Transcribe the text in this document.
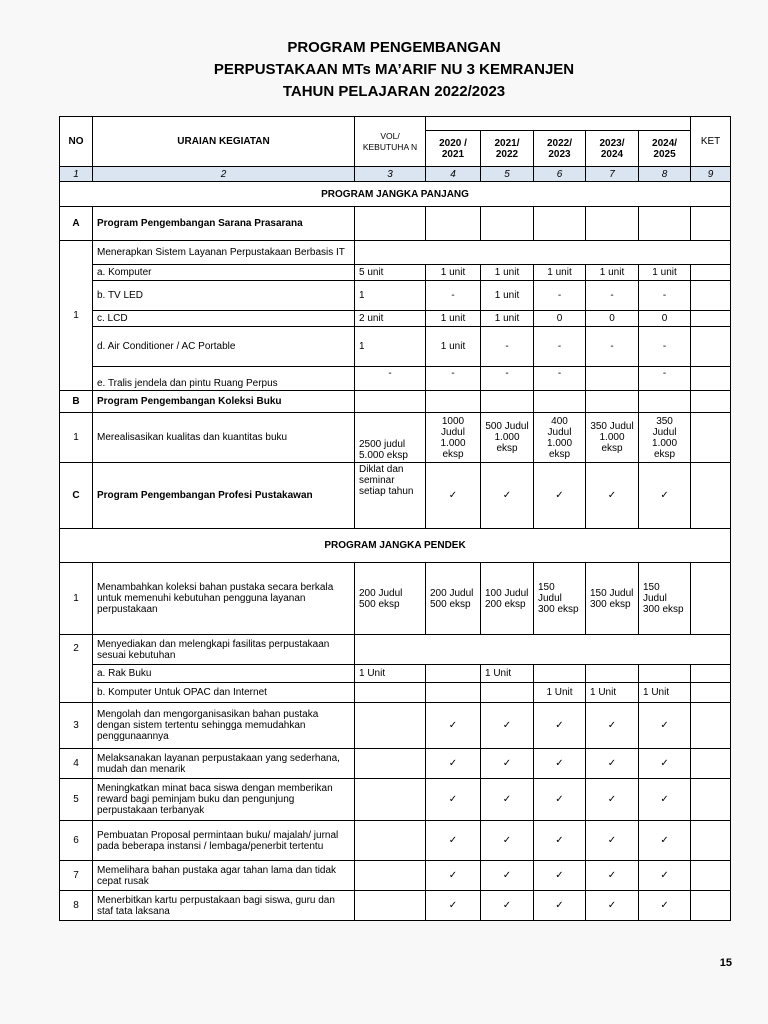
PROGRAM PENGEMBANGAN
PERPUSTAKAAN MTs MA’ARIF NU 3 KEMRANJEN
TAHUN PELAJARAN 2022/2023
NO	URAIAN KEGIATAN	VOL/ KEBUTUHA N						KET
			2020 / 2021	2021/ 2022	2022/ 2023	2023/ 2024	2024/ 2025	
1	2	3	4	5	6	7	8	9
PROGRAM JANGKA PANJANG								
A	Program Pengembangan Sarana Prasarana							
1	Menerapkan Sistem Layanan Perpustakaan Berbasis IT							
	a. Komputer	5 unit	1 unit	1 unit	1 unit	1 unit	1 unit	
	b. TV LED	1	-	1 unit	-	-	-	
	c. LCD	2 unit	1 unit	1 unit	0	0	0	
	d. Air Conditioner / AC Portable	1	1 unit	-	-	-	-	
	e. Tralis jendela dan pintu Ruang Perpus	-	-	-	-		-	
B	Program Pengembangan Koleksi Buku							
1	Merealisasikan kualitas dan kuantitas buku	2500 judul 5.000 eksp	1000 Judul 1.000 eksp	500 Judul 1.000 eksp	400 Judul 1.000 eksp	350 Judul 1.000 eksp	350 Judul 1.000 eksp	
C	Program Pengembangan Profesi Pustakawan	Diklat dan seminar setiap tahun	✓	✓	✓	✓	✓	
PROGRAM JANGKA PENDEK								
1	Menambahkan koleksi bahan pustaka secara berkala untuk memenuhi kebutuhan pengguna layanan perpustakaan	200 Judul 500 eksp	200 Judul 500 eksp	100 Judul 200 eksp	150 Judul 300 eksp	150 Judul 300 eksp	150 Judul 300 eksp	
2	Menyediakan dan melengkapi fasilitas perpustakaan sesuai kebutuhan							
	a. Rak Buku	1 Unit		1 Unit				
	b. Komputer Untuk OPAC dan Internet				1 Unit	1 Unit	1 Unit	
3	Mengolah dan mengorganisasikan bahan pustaka dengan sistem tertentu sehingga memudahkan penggunaannya		✓	✓	✓	✓	✓	
4	Melaksanakan layanan perpustakaan yang sederhana, mudah dan menarik		✓	✓	✓	✓	✓	
5	Meningkatkan minat baca siswa dengan memberikan reward bagi peminjam buku dan pengunjung perpustakaan terbanyak		✓	✓	✓	✓	✓	
6	Pembuatan Proposal permintaan buku/ majalah/ jurnal pada beberapa instansi / lembaga/penerbit tertentu		✓	✓	✓	✓	✓	
7	Memelihara bahan pustaka agar tahan lama dan tidak cepat rusak		✓	✓	✓	✓	✓	
8	Menerbitkan kartu perpustakaan bagi siswa, guru dan staf tata laksana		✓	✓	✓	✓	✓	
15
